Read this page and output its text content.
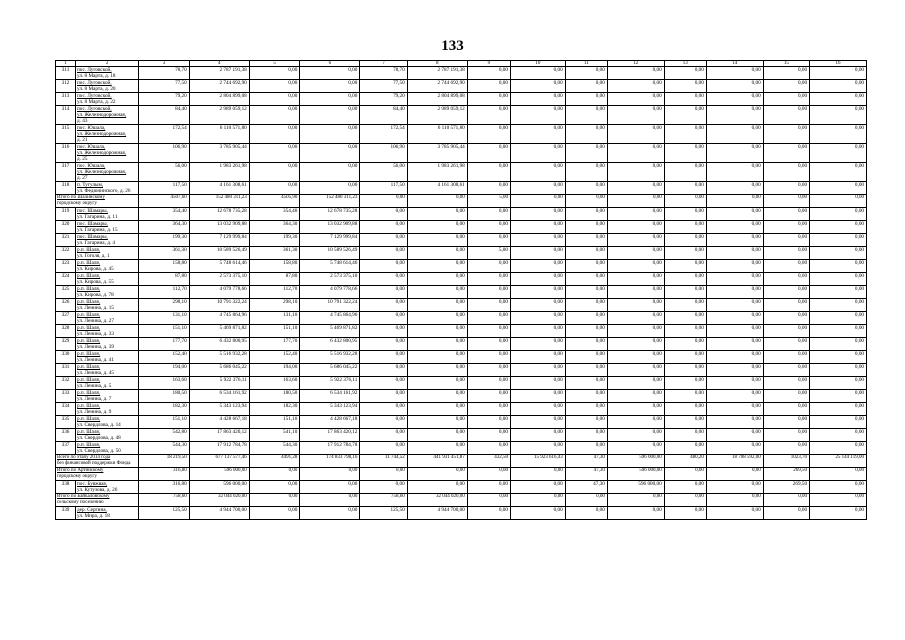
133
1	2	3	4	5	6	7	8	9	10	11	12	13	14	15	16
311	пос. Луговской,
ул. 8 Марта, д. 18	78,70	2 787 191,38	0,00	0,00	78,70	2 787 191,38	0,00	0,00	0,00	0,00	0,00	0,00	0,00	0,00
312	пос. Луговской,
ул. 8 Марта, д. 20	77,50	2 744 692,90	0,00	0,00	77,50	2 744 692,90	0,00	0,00	0,00	0,00	0,00	0,00	0,00	0,00
313	пос. Луговской,
ул. 8 Марта, д. 22	79,20	2 804 899,08	0,00	0,00	79,20	2 804 899,08	0,00	0,00	0,00	0,00	0,00	0,00	0,00	0,00
314	пос. Луговской,
ул. Железнодорожная,
д. 43	84,40	2 989 059,12	0,00	0,00	84,40	2 989 059,12	0,00	0,00	0,00	0,00	0,00	0,00	0,00	0,00
315	пос. Юшала,
ул. Железнодорожная,
д. 21	172,54	6 110 571,80	0,00	0,00	172,54	6 110 571,80	0,00	0,00	0,00	0,00	0,00	0,00	0,00	0,00
316	пос. Юшала,
ул. Железнодорожная,
д. 25	106,90	3 785 905,44	0,00	0,00	106,90	3 785 905,44	0,00	0,00	0,00	0,00	0,00	0,00	0,00	0,00
317	пос. Юшала,
ул. Железнодорожная,
д. 27	56,00	1 983 261,98	0,00	0,00	56,00	1 983 261,98	0,00	0,00	0,00	0,00	0,00	0,00	0,00	0,00
318	п. Тугулым,
ул. Федюнинского, д. 26	117,50	4 161 308,61	0,00	0,00	117,50	4 161 308,61	0,00	0,00	0,00	0,00	0,00	0,00	0,00	0,00

Итого по Шалинскому
городскому округу		4507,60	152 480 311,23	4505,90	152 480 311,23	0,00	0,00	5,00	0,00	0,00	0,00	0,00	0,00	0,00	0,00
319	пос. Шамары,
ул. Гагарина, д. 11	354,40	12 678 735,28	354,40	12 678 735,28	0,00	0,00	0,00	0,00	0,00	0,00	0,00	0,00	0,00	0,00
320	пос. Шамары,
ул. Гагарина, д. 15	364,30	13 032 909,88	364,30	13 032 909,88	0,00	0,00	0,00	0,00	0,00	0,00	0,00	0,00	0,00	0,00
321	пос. Шамары,
ул. Гагарина, д. 4	199,30	7 129 999,84	199,30	7 129 999,84	0,00	0,00	0,00	0,00	0,00	0,00	0,00	0,00	0,00	0,00
322	р.п. Шаля,
ул. Гоголя, д. 1	361,30	10 589 526,49	361,30	10 589 526,49	0,00	0,00	5,00	0,00	0,00	0,00	0,00	0,00	0,00	0,00
323	р.п. Шаля,
ул. Кирова, д. 45	158,80	5 748 614,46	158,80	5 748 614,46	0,00	0,00	0,00	0,00	0,00	0,00	0,00	0,00	0,00	0,00
324	р.п. Шаля,
ул. Кирова, д. 55	87,80	2 573 375,10	87,80	2 573 375,10	0,00	0,00	0,00	0,00	0,00	0,00	0,00	0,00	0,00	0,00
325	р.п. Шаля,
ул. Кирова, д. 78	112,70	4 079 778,66	112,70	4 079 778,66	0,00	0,00	0,00	0,00	0,00	0,00	0,00	0,00	0,00	0,00
326	р.п. Шаля,
ул. Ленина, д. 15	298,10	10 791 322,24	298,10	10 791 322,24	0,00	0,00	0,00	0,00	0,00	0,00	0,00	0,00	0,00	0,00
327	р.п. Шаля,
ул. Ленина, д. 27	131,10	4 745 864,96	131,10	4 745 864,96	0,00	0,00	0,00	0,00	0,00	0,00	0,00	0,00	0,00	0,00
328	р.п. Шаля,
ул. Ленина, д. 33	151,10	5 469 871,82	151,10	5 469 871,82	0,00	0,00	0,00	0,00	0,00	0,00	0,00	0,00	0,00	0,00
329	р.п. Шаля,
ул. Ленина, д. 39	177,70	6 432 800,95	177,70	6 432 800,95	0,00	0,00	0,00	0,00	0,00	0,00	0,00	0,00	0,00	0,00
330	р.п. Шаля,
ул. Ленина, д. 41	152,40	5 516 932,28	152,40	5 516 932,28	0,00	0,00	0,00	0,00	0,00	0,00	0,00	0,00	0,00	0,00
331	р.п. Шаля,
ул. Ленина, д. 45	194,00	5 686 045,22	194,00	5 686 045,22	0,00	0,00	0,00	0,00	0,00	0,00	0,00	0,00	0,00	0,00
332	р.п. Шаля,
ул. Ленина, д. 5	163,60	5 922 376,11	163,60	5 922 376,11	0,00	0,00	0,00	0,00	0,00	0,00	0,00	0,00	0,00	0,00
333	р.п. Шаля,
ул. Ленина, д. 7	180,50	6 534 161,92	180,50	6 534 161,92	0,00	0,00	0,00	0,00	0,00	0,00	0,00	0,00	0,00	0,00
334	р.п. Шаля,
ул. Ленина, д. 9	182,30	5 343 123,94	182,30	5 343 123,94	0,00	0,00	0,00	0,00	0,00	0,00	0,00	0,00	0,00	0,00
335	р.п. Шаля,
ул. Свердлова, д. 14	151,10	4 428 667,18	151,10	4 428 667,18	0,00	0,00	0,00	0,00	0,00	0,00	0,00	0,00	0,00	0,00
336	р.п. Шаля,
ул. Свердлова, д. 48	542,80	17 863 420,12	541,10	17 863 420,12	0,00	0,00	0,00	0,00	0,00	0,00	0,00	0,00	0,00	0,00
337	р.п. Шаля,
ул. Свердлова, д. 50	544,30	17 912 784,78	544,30	17 912 784,78	0,00	0,00	0,00	0,00	0,00	0,00	0,00	0,00	0,00	0,00

Всего по этапу 2014 года
без финансовой поддержки Фонда		18 219,50	677 137 577,46	4491,28	174 833 798,16	11 744,52	441 931 451,87	432,50	15 923 616,43	47,30	596 000,00	480,20	18 708 592,00	1023,70	25 144 119,00

Итого по Артинскому
городскому округу		316,80	596 000,00	0,00	0,00	0,00	0,00	0,00	0,00	47,30	596 000,00	0,00	0,00	269,50	0,00
338	пос. Бувжвая,
ул. Кутузова, д. 26	316,80	596 000,00	0,00	0,00	0,00	0,00	0,00	0,00	47,30	596 000,00	0,00	0,00	269,50	0,00

Итого по Байкаловскому
сельскому поселению		758,60	32 044 020,00	0,00	0,00	758,60	32 044 020,00	0,00	0,00	0,00	0,00	0,00	0,00	0,00	0,00
339	дер. Сергина,
ул. Мира, д. 18	125,50	4 944 700,00	0,00	0,00	125,50	4 944 700,00	0,00	0,00	0,00	0,00	0,00	0,00	0,00	0,00
